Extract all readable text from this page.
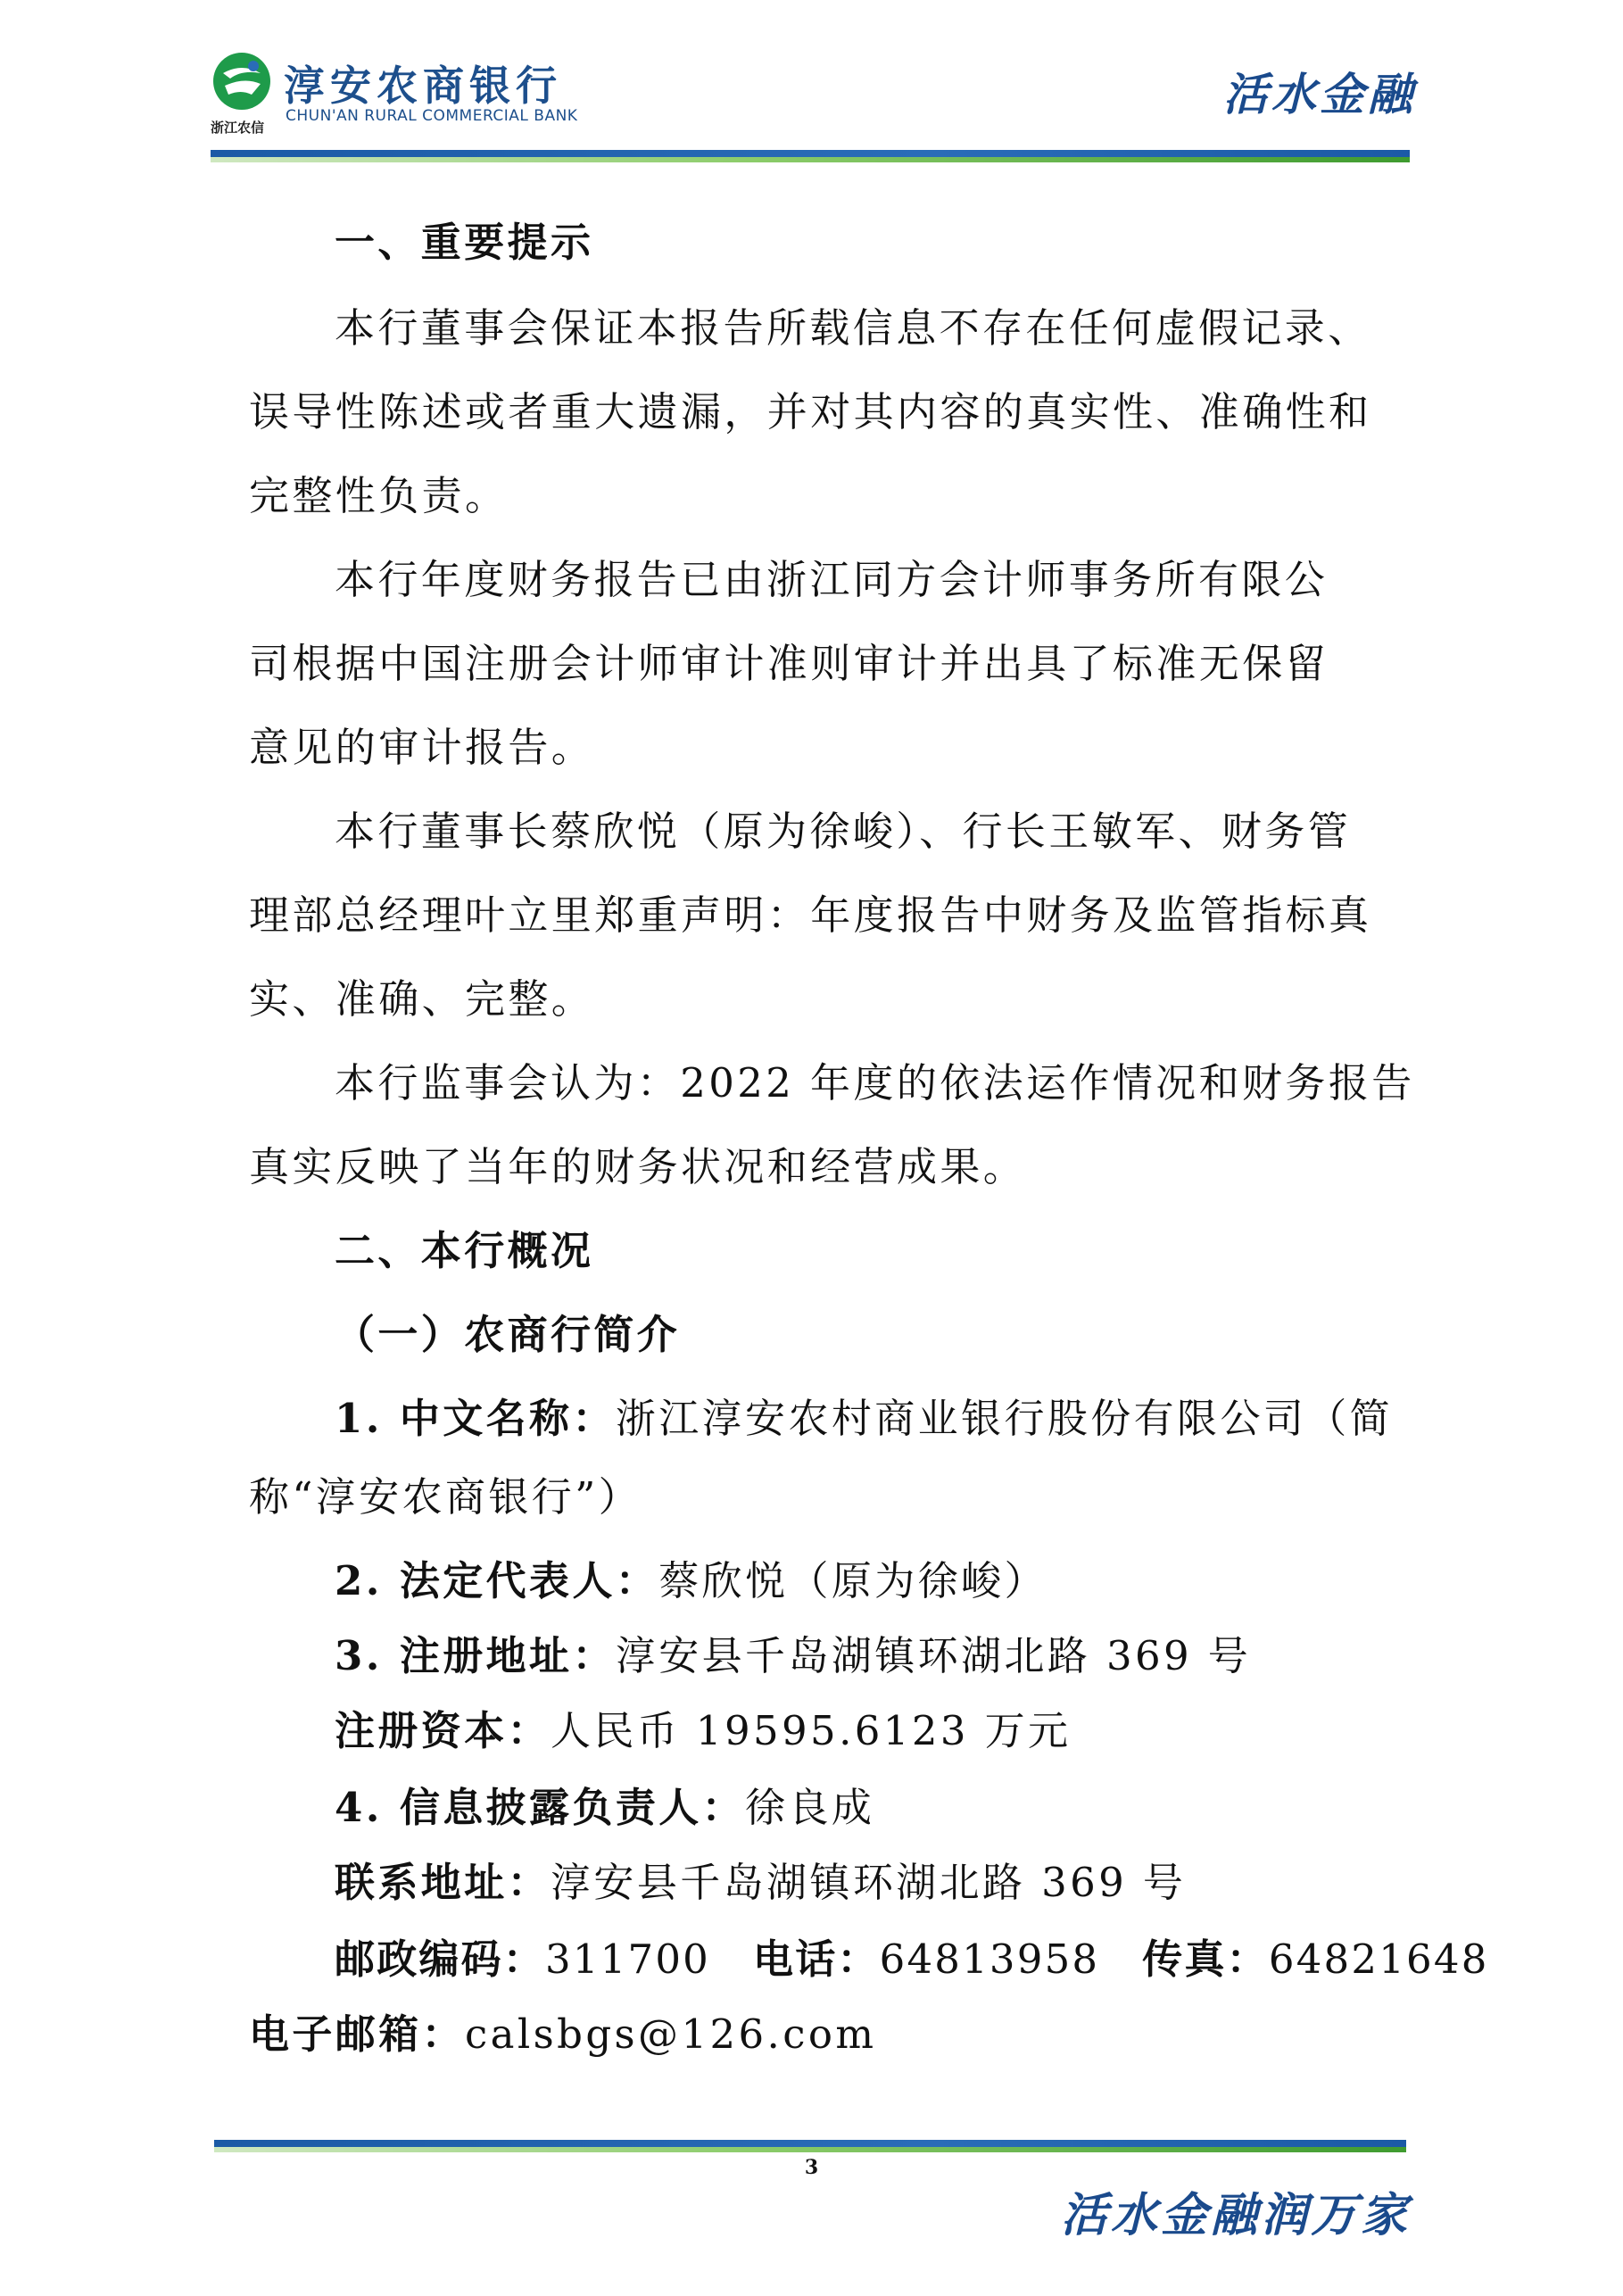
浙江农信
淳安农商银行
CHUN'AN RURAL COMMERCIAL BANK	活水金融
一、重要提示
本行董事会保证本报告所载信息不存在任何虚假记录、
误导性陈述或者重大遗漏，并对其内容的真实性、准确性和
完整性负责。
本行年度财务报告已由浙江同方会计师事务所有限公
司根据中国注册会计师审计准则审计并出具了标准无保留
意见的审计报告。
本行董事长蔡欣悦（原为徐峻）、行长王敏军、财务管
理部总经理叶立里郑重声明：年度报告中财务及监管指标真
实、准确、完整。
本行监事会认为：2022 年度的依法运作情况和财务报告
真实反映了当年的财务状况和经营成果。
二、本行概况
（一）农商行简介
1. 中文名称：浙江淳安农村商业银行股份有限公司（简
称“淳安农商银行”）
2. 法定代表人：蔡欣悦（原为徐峻）
3. 注册地址：淳安县千岛湖镇环湖北路 369 号
注册资本：人民币 19595.6123 万元
4. 信息披露负责人：徐良成
联系地址：淳安县千岛湖镇环湖北路 369 号
邮政编码：311700 电话：64813958 传真：64821648
电子邮箱：calsbgs@126.com
3
活水金融润万家
